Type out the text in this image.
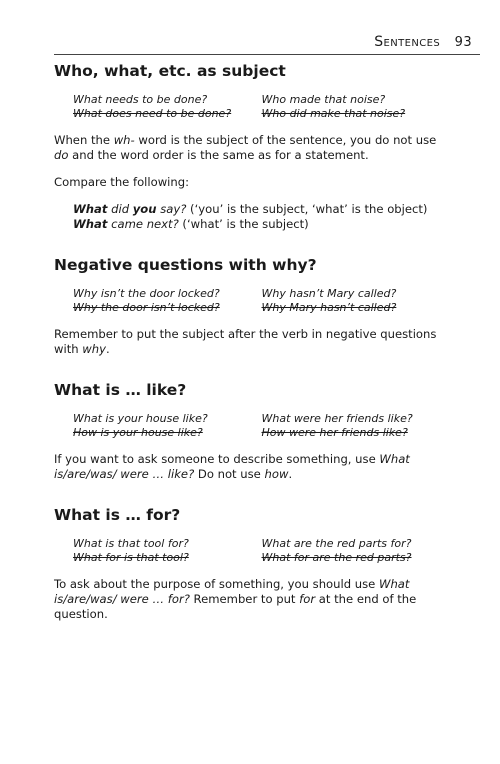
Sentences 93
Who, what, etc. as subject
What needs to be done?
What does need to be done?
Who made that noise?
Who did make that noise?

When the wh- word is the subject of the sentence, you do not use do and the word order is the same as for a statement.

Compare the following:

What did you say? (‘you’ is the subject, ‘what’ is the object)
What came next? (‘what’ is the subject)
Negative questions with why?
Why isn’t the door locked?
Why the door isn’t locked?
Why hasn’t Mary called?
Why Mary hasn’t called?

Remember to put the subject after the verb in negative questions with why.

What is … like?
What is your house like?
How is your house like?
What were her friends like?
How were her friends like?

If you want to ask someone to describe something, use What is/are/was/ were … like? Do not use how.

What is … for?
What is that tool for?
What for is that tool?
What are the red parts for?
What for are the red parts?

To ask about the purpose of something, you should use What is/are/was/ were … for? Remember to put for at the end of the question.
